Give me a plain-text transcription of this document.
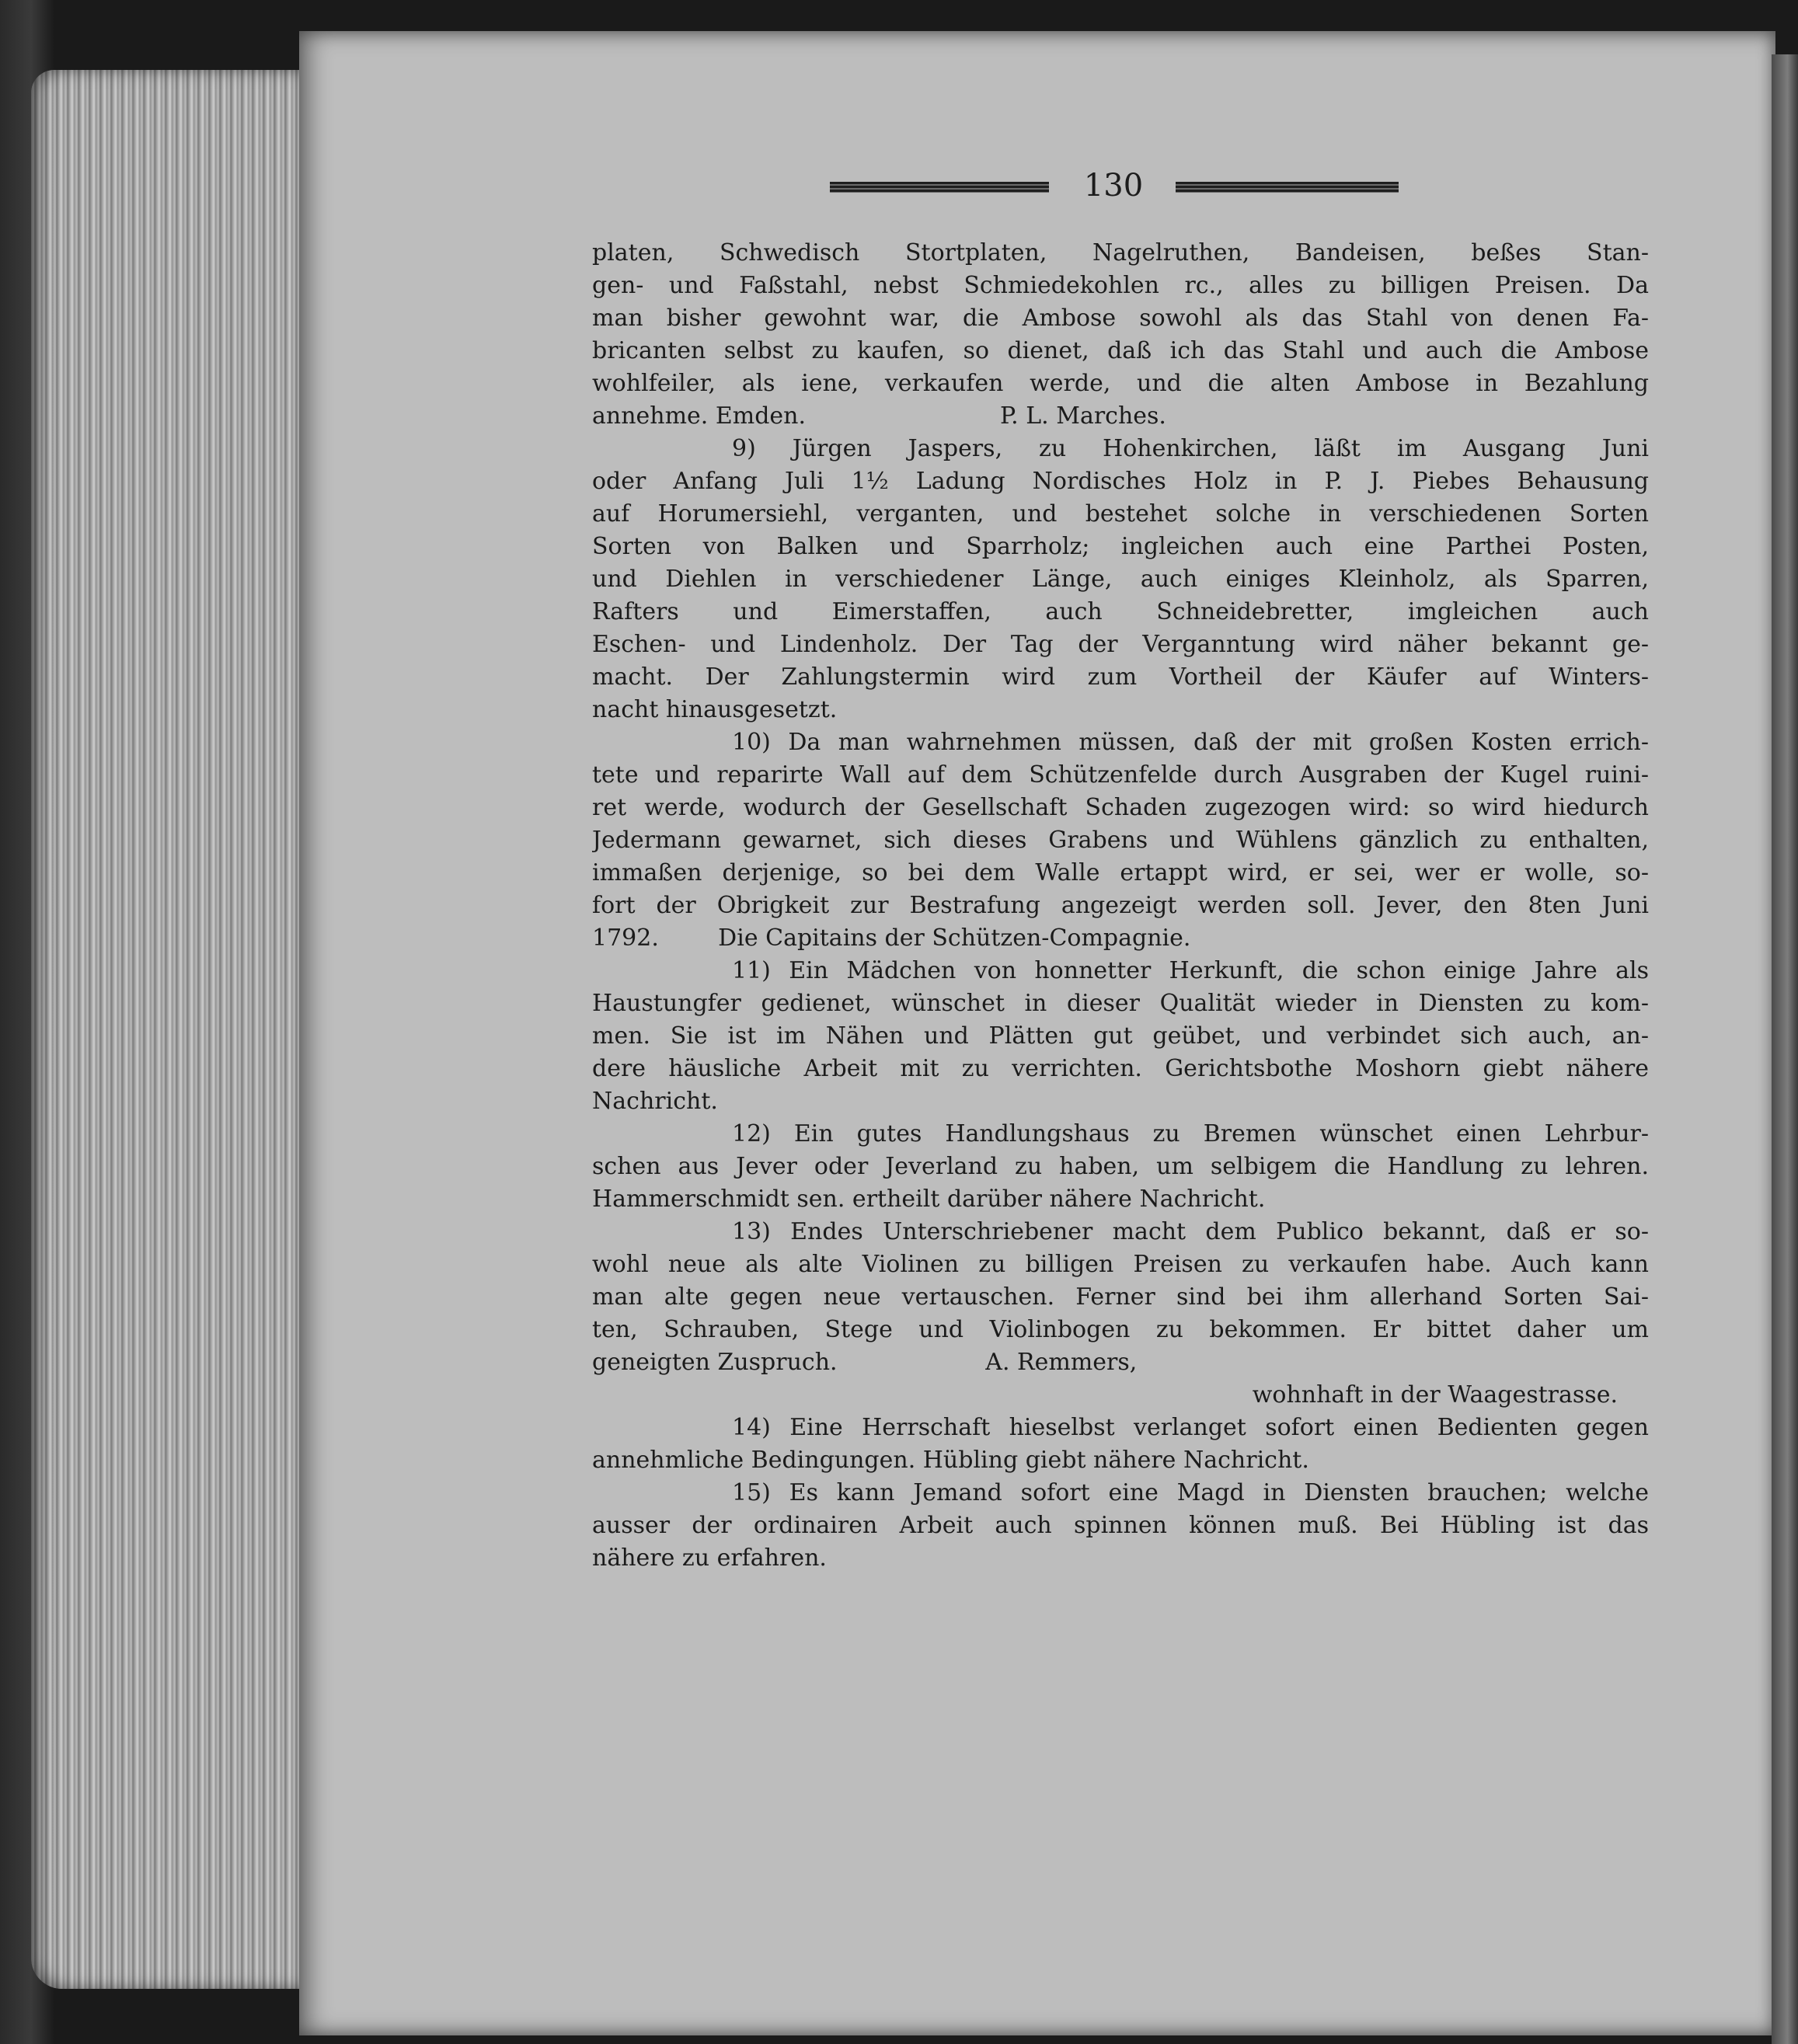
130
platen, Schwedisch Stortplaten, Nagelruthen, Bandeisen, beßes Stan-
gen- und Faßstahl, nebst Schmiedekohlen rc., alles zu billigen Preisen. Da
man bisher gewohnt war, die Ambose sowohl als das Stahl von denen Fa-
bricanten selbst zu kaufen, so dienet, daß ich das Stahl und auch die Ambose
wohlfeiler, als iene, verkaufen werde, und die alten Ambose in Bezahlung
annehme. Emden.	P. L. Marches.
9) Jürgen Jaspers, zu Hohenkirchen, läßt im Ausgang Juni
oder Anfang Juli 1½ Ladung Nordisches Holz in P. J. Piebes Behausung
auf Horumersiehl, verganten, und bestehet solche in verschiedenen Sorten
Sorten von Balken und Sparrholz; ingleichen auch eine Parthei Posten,
und Diehlen in verschiedener Länge, auch einiges Kleinholz, als Sparren,
Rafters und Eimerstaffen, auch Schneidebretter, imgleichen auch
Eschen- und Lindenholz. Der Tag der Verganntung wird näher bekannt ge-
macht. Der Zahlungstermin wird zum Vortheil der Käufer auf Winters-
nacht hinausgesetzt.
10) Da man wahrnehmen müssen, daß der mit großen Kosten errich-
tete und reparirte Wall auf dem Schützenfelde durch Ausgraben der Kugel ruini-
ret werde, wodurch der Gesellschaft Schaden zugezogen wird: so wird hiedurch
Jedermann gewarnet, sich dieses Grabens und Wühlens gänzlich zu enthalten,
immaßen derjenige, so bei dem Walle ertappt wird, er sei, wer er wolle, so-
fort der Obrigkeit zur Bestrafung angezeigt werden soll. Jever, den 8ten Juni
1792.        Die Capitains der Schützen-Compagnie.
11) Ein Mädchen von honnetter Herkunft, die schon einige Jahre als
Haustungfer gedienet, wünschet in dieser Qualität wieder in Diensten zu kom-
men. Sie ist im Nähen und Plätten gut geübet, und verbindet sich auch, an-
dere häusliche Arbeit mit zu verrichten. Gerichtsbothe Moshorn giebt nähere
Nachricht.
12) Ein gutes Handlungshaus zu Bremen wünschet einen Lehrbur-
schen aus Jever oder Jeverland zu haben, um selbigem die Handlung zu lehren.
Hammerschmidt sen. ertheilt darüber nähere Nachricht.
13) Endes Unterschriebener macht dem Publico bekannt, daß er so-
wohl neue als alte Violinen zu billigen Preisen zu verkaufen habe. Auch kann
man alte gegen neue vertauschen. Ferner sind bei ihm allerhand Sorten Sai-
ten, Schrauben, Stege und Violinbogen zu bekommen. Er bittet daher um
geneigten Zuspruch.                    A. Remmers,
wohnhaft in der Waagestrasse.
14) Eine Herrschaft hieselbst verlanget sofort einen Bedienten gegen
annehmliche Bedingungen. Hübling giebt nähere Nachricht.
15) Es kann Jemand sofort eine Magd in Diensten brauchen; welche
ausser der ordinairen Arbeit auch spinnen können muß. Bei Hübling ist das
nähere zu erfahren.
